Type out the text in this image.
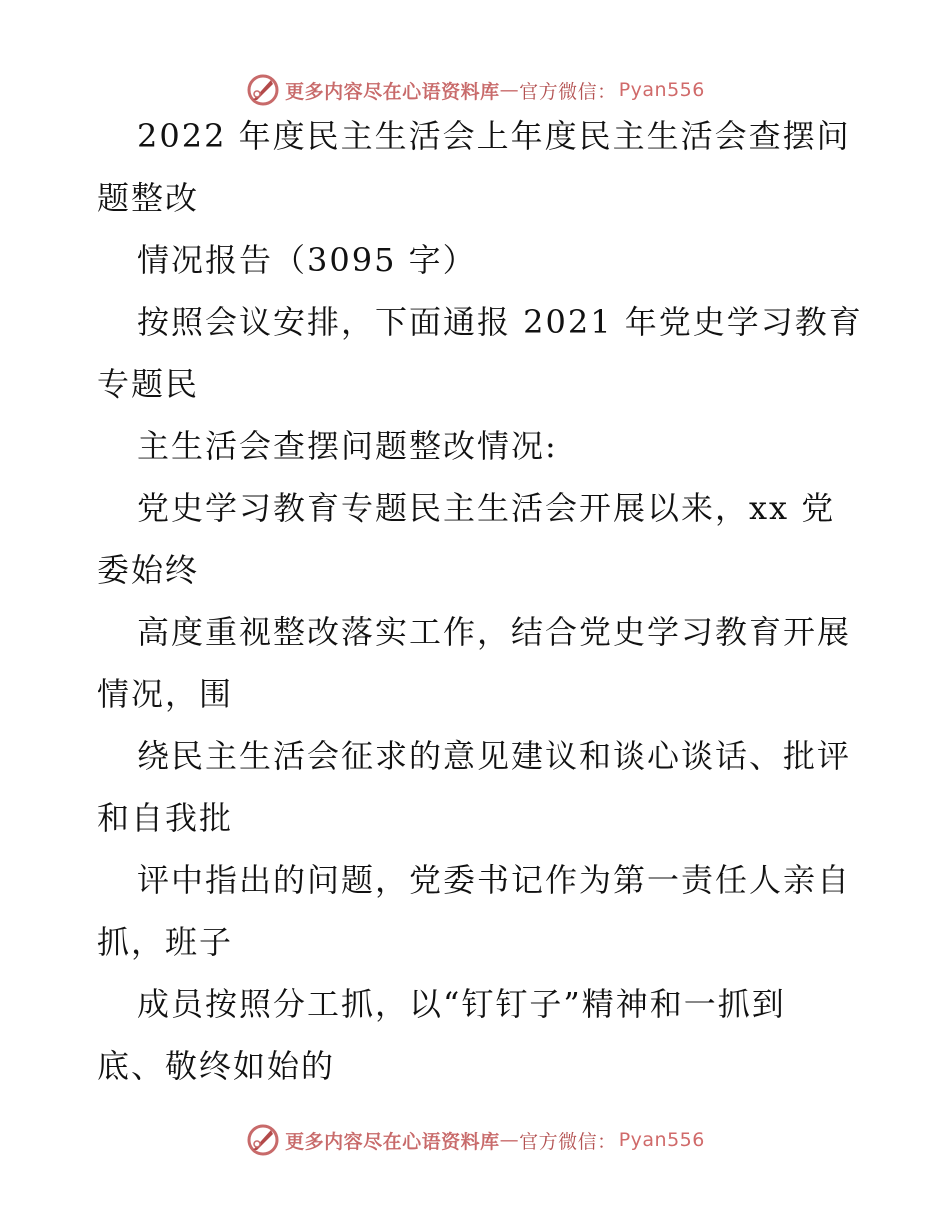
更多内容尽在心语资料库 — 官方微信： Pyan556

2022 年度民主生活会上年度民主生活会查摆问

题整改

情况报告（3095 字）

按照会议安排，下面通报 2021 年党史学习教育

专题民

主生活会查摆问题整改情况:

党史学习教育专题民主生活会开展以来，xx 党

委始终

高度重视整改落实工作，结合党史学习教育开展

情况，围

绕民主生活会征求的意见建议和谈心谈话、批评

和自我批

评中指出的问题，党委书记作为第一责任人亲自

抓，班子

成员按照分工抓，以“钉钉子”精神和一抓到

底、敬终如始的

更多内容尽在心语资料库 — 官方微信： Pyan556
